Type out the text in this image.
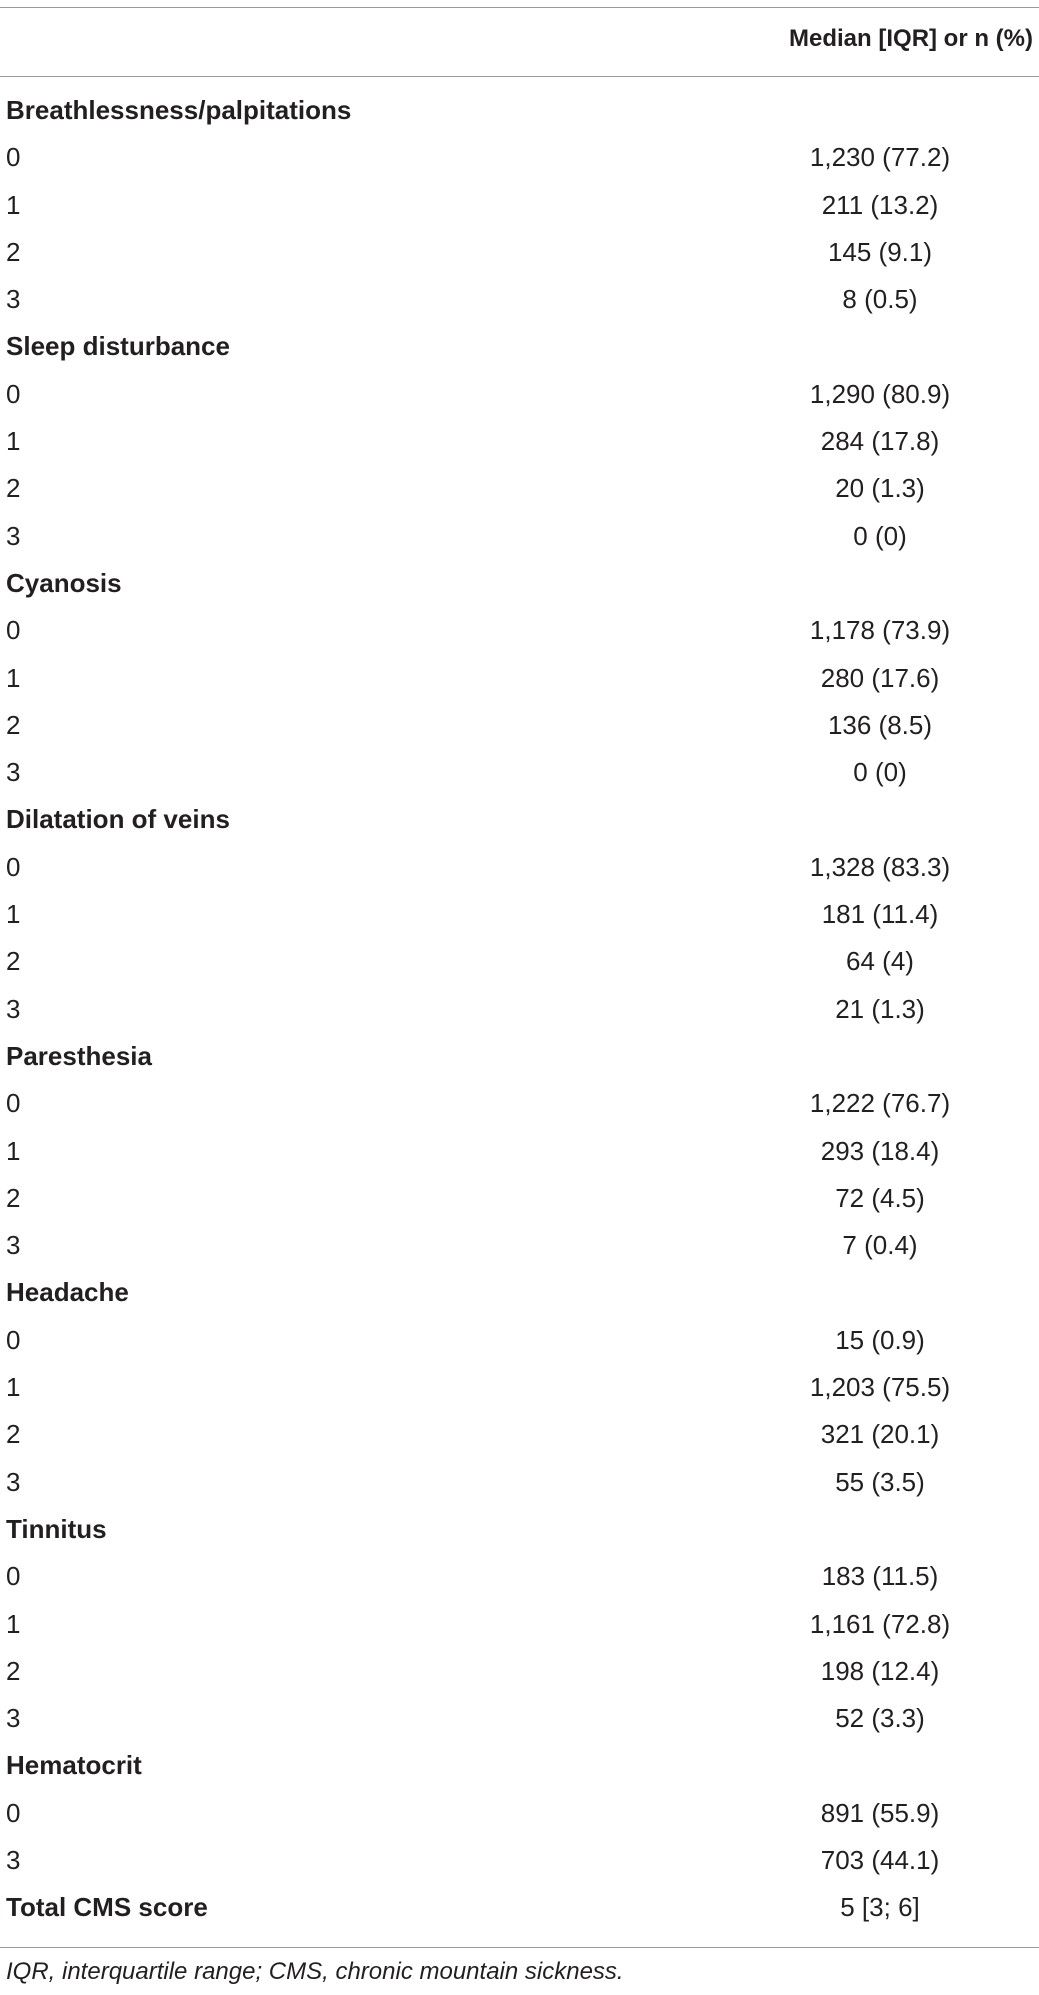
Median [IQR] or n (%)
Breathlessness/palpitations
0	1,230 (77.2)
1	211 (13.2)
2	145 (9.1)
3	8 (0.5)
Sleep disturbance
0	1,290 (80.9)
1	284 (17.8)
2	20 (1.3)
3	0 (0)
Cyanosis
0	1,178 (73.9)
1	280 (17.6)
2	136 (8.5)
3	0 (0)
Dilatation of veins
0	1,328 (83.3)
1	181 (11.4)
2	64 (4)
3	21 (1.3)
Paresthesia
0	1,222 (76.7)
1	293 (18.4)
2	72 (4.5)
3	7 (0.4)
Headache
0	15 (0.9)
1	1,203 (75.5)
2	321 (20.1)
3	55 (3.5)
Tinnitus
0	183 (11.5)
1	1,161 (72.8)
2	198 (12.4)
3	52 (3.3)
Hematocrit
0	891 (55.9)
3	703 (44.1)
Total CMS score	5 [3; 6]
IQR, interquartile range; CMS, chronic mountain sickness.
